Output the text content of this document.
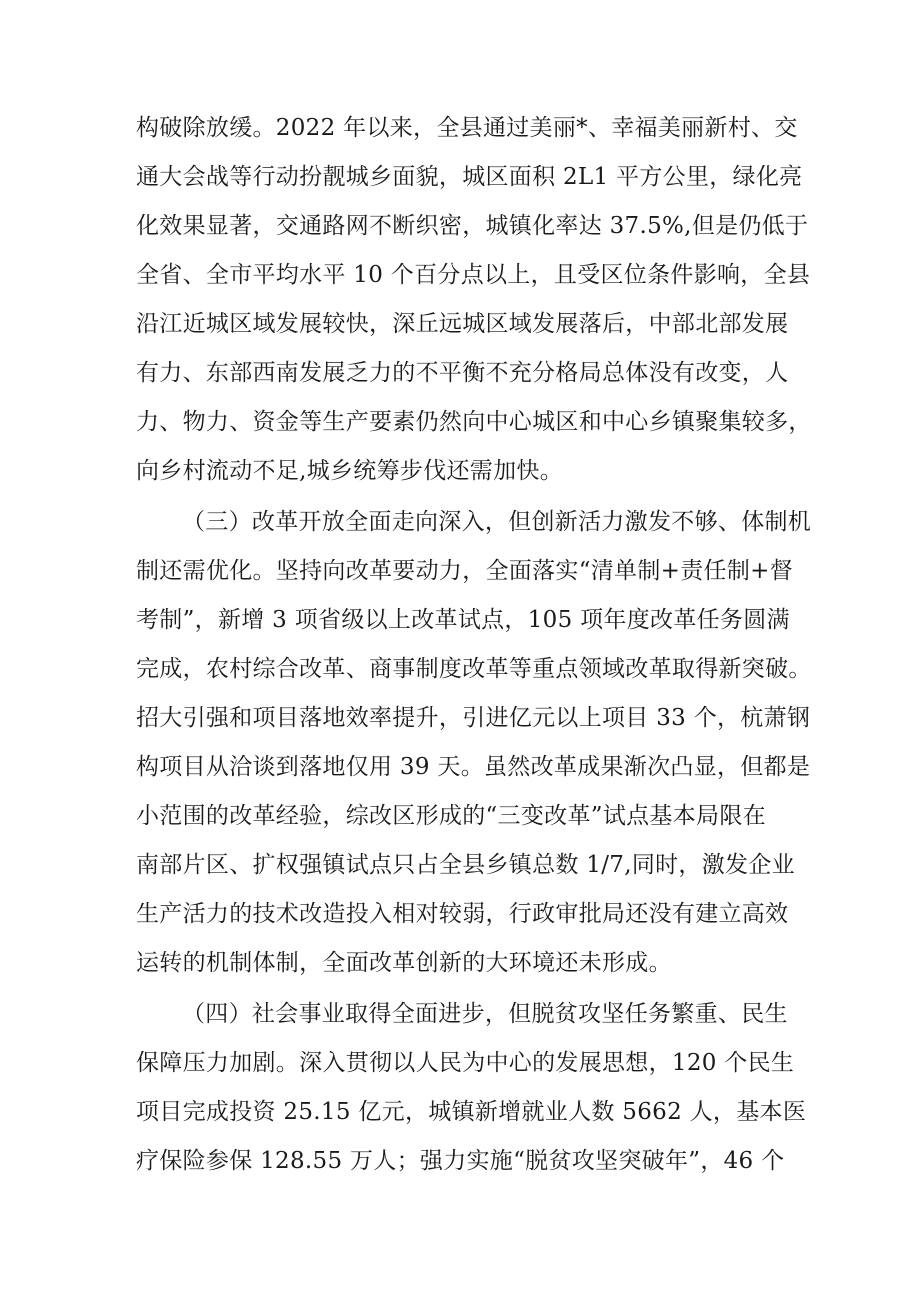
构破除放缓。2022 年以来，全县通过美丽*、幸福美丽新村、交
通大会战等行动扮靓城乡面貌，城区面积 2L1 平方公里，绿化亮
化效果显著，交通路网不断织密，城镇化率达 37.5%,但是仍低于
全省、全市平均水平 10 个百分点以上，且受区位条件影响，全县
沿江近城区域发展较快，深丘远城区域发展落后，中部北部发展
有力、东部西南发展乏力的不平衡不充分格局总体没有改变，人
力、物力、资金等生产要素仍然向中心城区和中心乡镇聚集较多，
向乡村流动不足,城乡统筹步伐还需加快。
（三）改革开放全面走向深入，但创新活力激发不够、体制机
制还需优化。坚持向改革要动力，全面落实“清单制+责任制+督
考制”，新增 3 项省级以上改革试点，105 项年度改革任务圆满
完成，农村综合改革、商事制度改革等重点领域改革取得新突破。
招大引强和项目落地效率提升，引进亿元以上项目 33 个，杭萧钢
构项目从洽谈到落地仅用 39 天。虽然改革成果渐次凸显，但都是
小范围的改革经验，综改区形成的“三变改革”试点基本局限在
南部片区、扩权强镇试点只占全县乡镇总数 1/7,同时，激发企业
生产活力的技术改造投入相对较弱，行政审批局还没有建立高效
运转的机制体制，全面改革创新的大环境还未形成。
（四）社会事业取得全面进步，但脱贫攻坚任务繁重、民生
保障压力加剧。深入贯彻以人民为中心的发展思想，120 个民生
项目完成投资 25.15 亿元，城镇新增就业人数 5662 人，基本医
疗保险参保 128.55 万人；强力实施“脱贫攻坚突破年”，46 个
